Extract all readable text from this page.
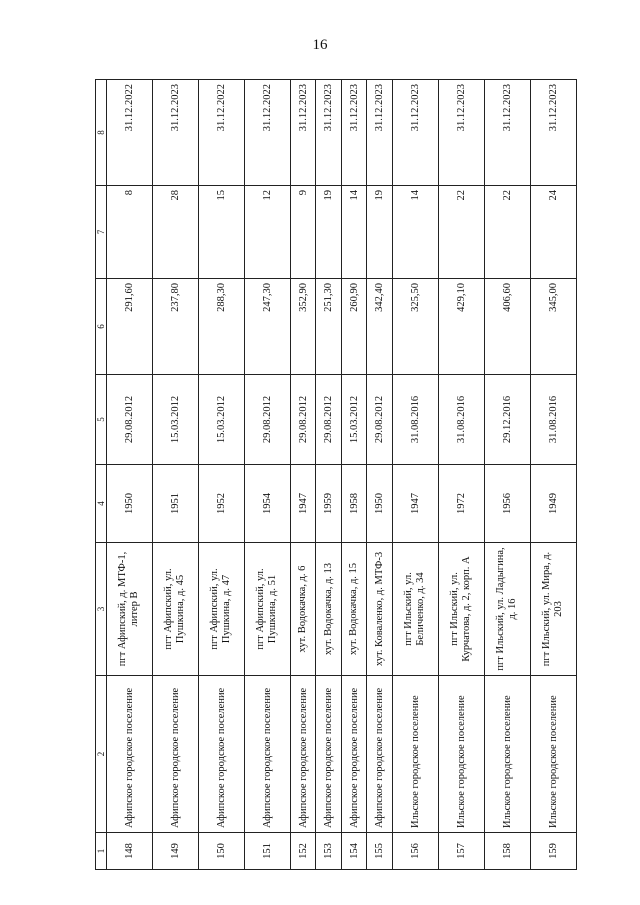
16
1	2	3	4	5	6	7	8
148	Афипское городское поселение	пгт Афипский, д. МТФ-1, литер В	1950	29.08.2012	291,60	8	31.12.2022
149	Афипское городское поселение	пгт Афипский, ул. Пушкина, д. 45	1951	15.03.2012	237,80	28	31.12.2023
150	Афипское городское поселение	пгт Афипский, ул. Пушкина, д. 47	1952	15.03.2012	288,30	15	31.12.2022
151	Афипское городское поселение	пгт Афипский, ул. Пушкина, д. 51	1954	29.08.2012	247,30	12	31.12.2022
152	Афипское городское поселение	хут. Водокачка, д. 6	1947	29.08.2012	352,90	9	31.12.2023
153	Афипское городское поселение	хут. Водокачка, д. 13	1959	29.08.2012	251,30	19	31.12.2023
154	Афипское городское поселение	хут. Водокачка, д. 15	1958	15.03.2012	260,90	14	31.12.2023
155	Афипское городское поселение	хут. Коваленко, д. МТФ-3	1950	29.08.2012	342,40	19	31.12.2023
156	Ильское городское поселение	пгт Ильский, ул. Беличенко, д. 34	1947	31.08.2016	325,50	14	31.12.2023
157	Ильское городское поселение	пгт Ильский, ул. Курчатова, д. 2, корп. А	1972	31.08.2016	429,10	22	31.12.2023
158	Ильское городское поселение	пгт Ильский, ул. Ладыгина, д. 16	1956	29.12.2016	406,60	22	31.12.2023
159	Ильское городское поселение	пгт Ильский, ул. Мира, д. 203	1949	31.08.2016	345,00	24	31.12.2023
